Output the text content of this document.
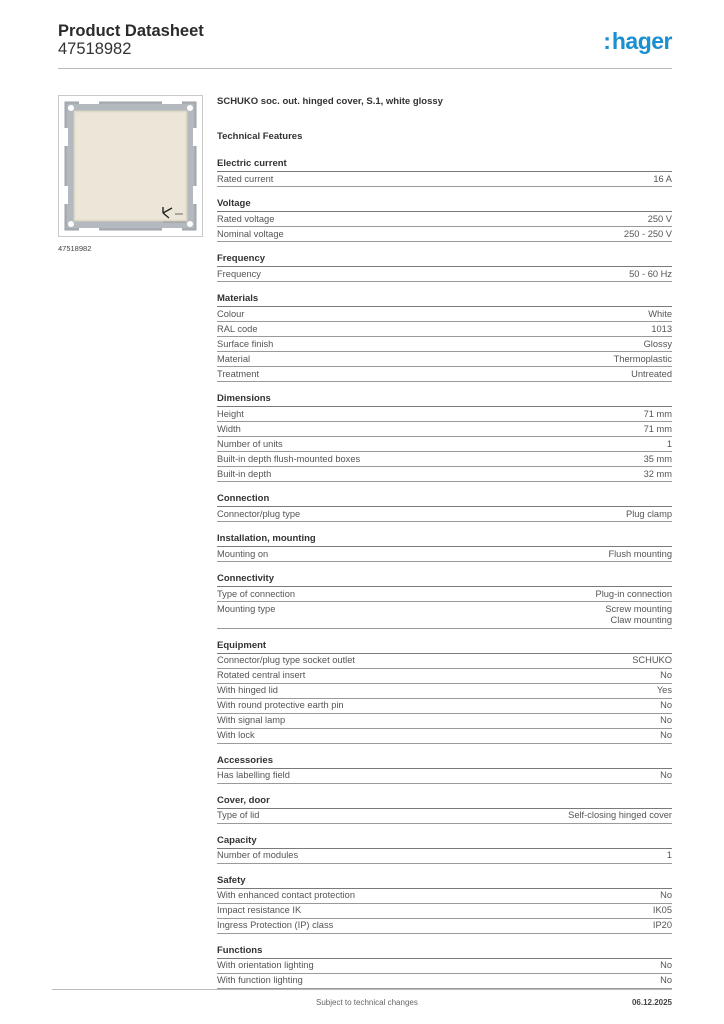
Product Datasheet
47518982	:hager
47518982
SCHUKO soc. out. hinged cover, S.1, white glossy
Technical Features
Electric current
Rated current	16 A
Voltage
Rated voltage	250 V
Nominal voltage	250 - 250 V
Frequency
Frequency	50 - 60 Hz
Materials
Colour	White
RAL code	1013
Surface finish	Glossy
Material	Thermoplastic
Treatment	Untreated
Dimensions
Height	71 mm
Width	71 mm
Number of units	1
Built-in depth flush-mounted boxes	35 mm
Built-in depth	32 mm
Connection
Connector/plug type	Plug clamp
Installation, mounting
Mounting on	Flush mounting
Connectivity
Type of connection	Plug-in connection
Mounting type	Screw mounting
Claw mounting
Equipment
Connector/plug type socket outlet	SCHUKO
Rotated central insert	No
With hinged lid	Yes
With round protective earth pin	No
With signal lamp	No
With lock	No
Accessories
Has labelling field	No
Cover, door
Type of lid	Self-closing hinged cover
Capacity
Number of modules	1
Safety
With enhanced contact protection	No
Impact resistance IK	IK05
Ingress Protection (IP) class	IP20
Functions
With orientation lighting	No
With function lighting	No
Subject to technical changes	06.12.2025
